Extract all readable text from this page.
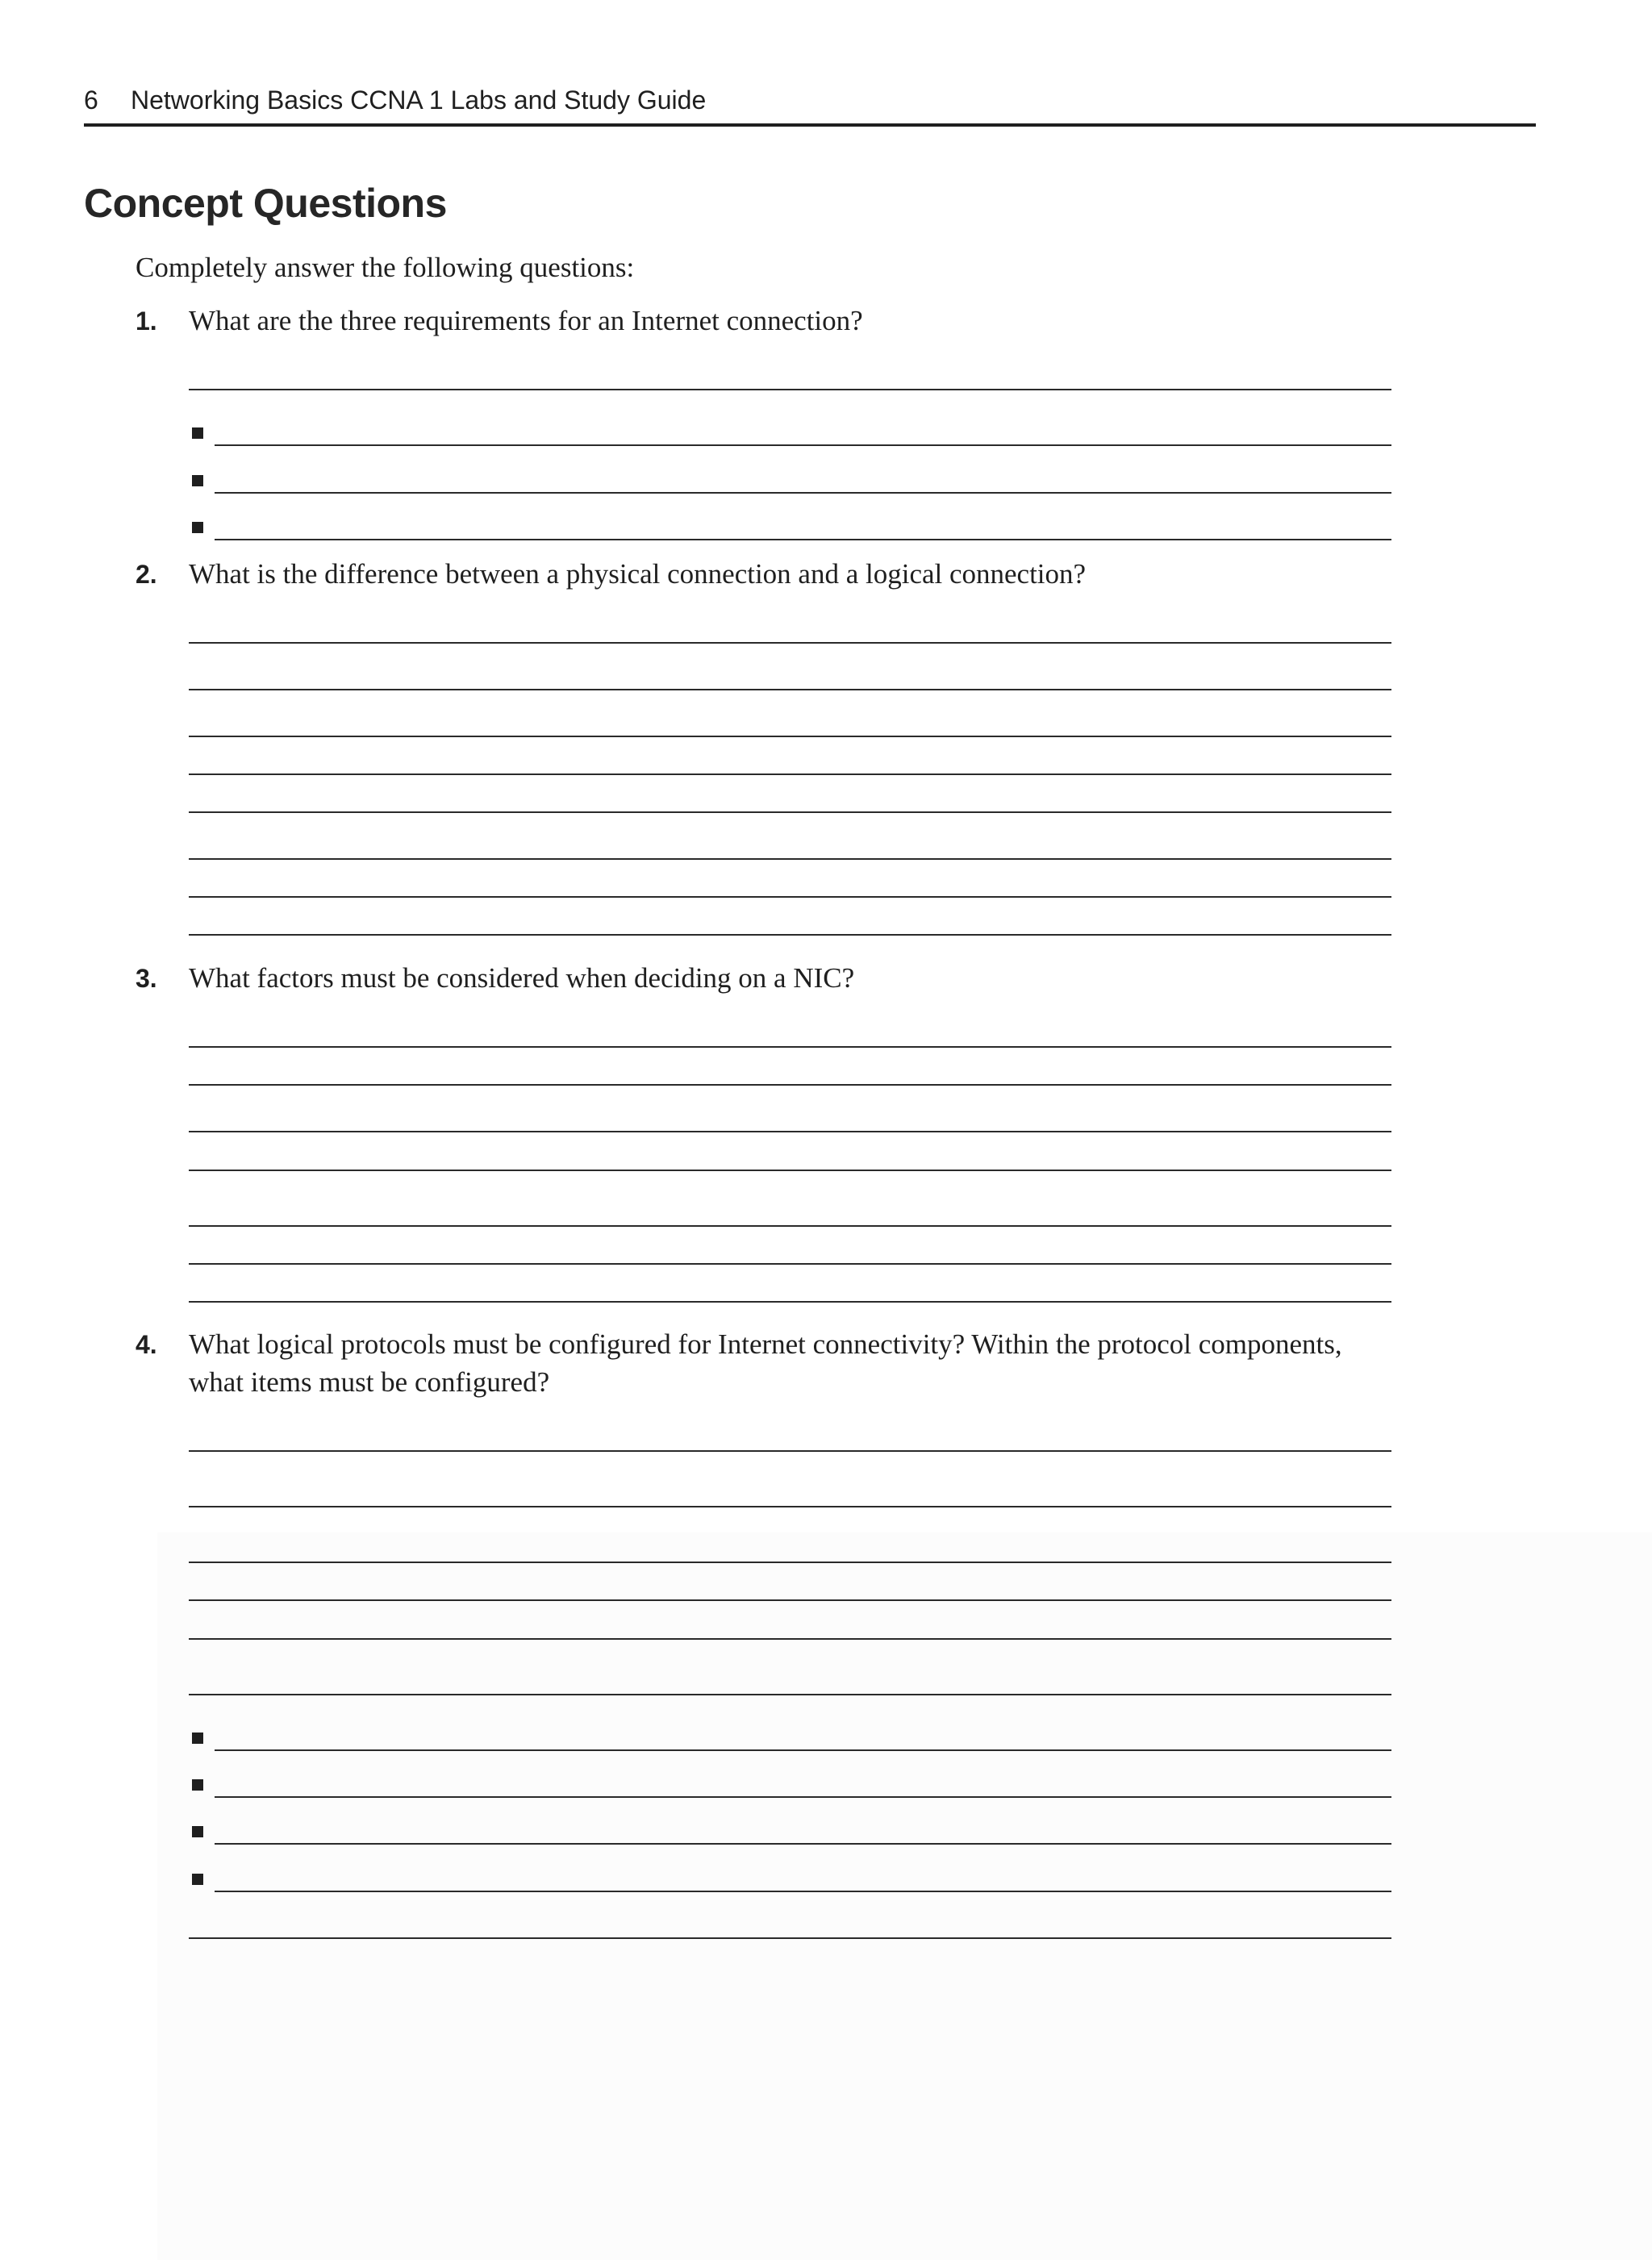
6 Networking Basics CCNA 1 Labs and Study Guide
Concept Questions
Completely answer the following questions:
1.	What are the three requirements for an Internet connection?
2.	What is the difference between a physical connection and a logical connection?
3.	What factors must be considered when deciding on a NIC?
4.	What logical protocols must be configured for Internet connectivity? Within the protocol components,
what items must be configured?
